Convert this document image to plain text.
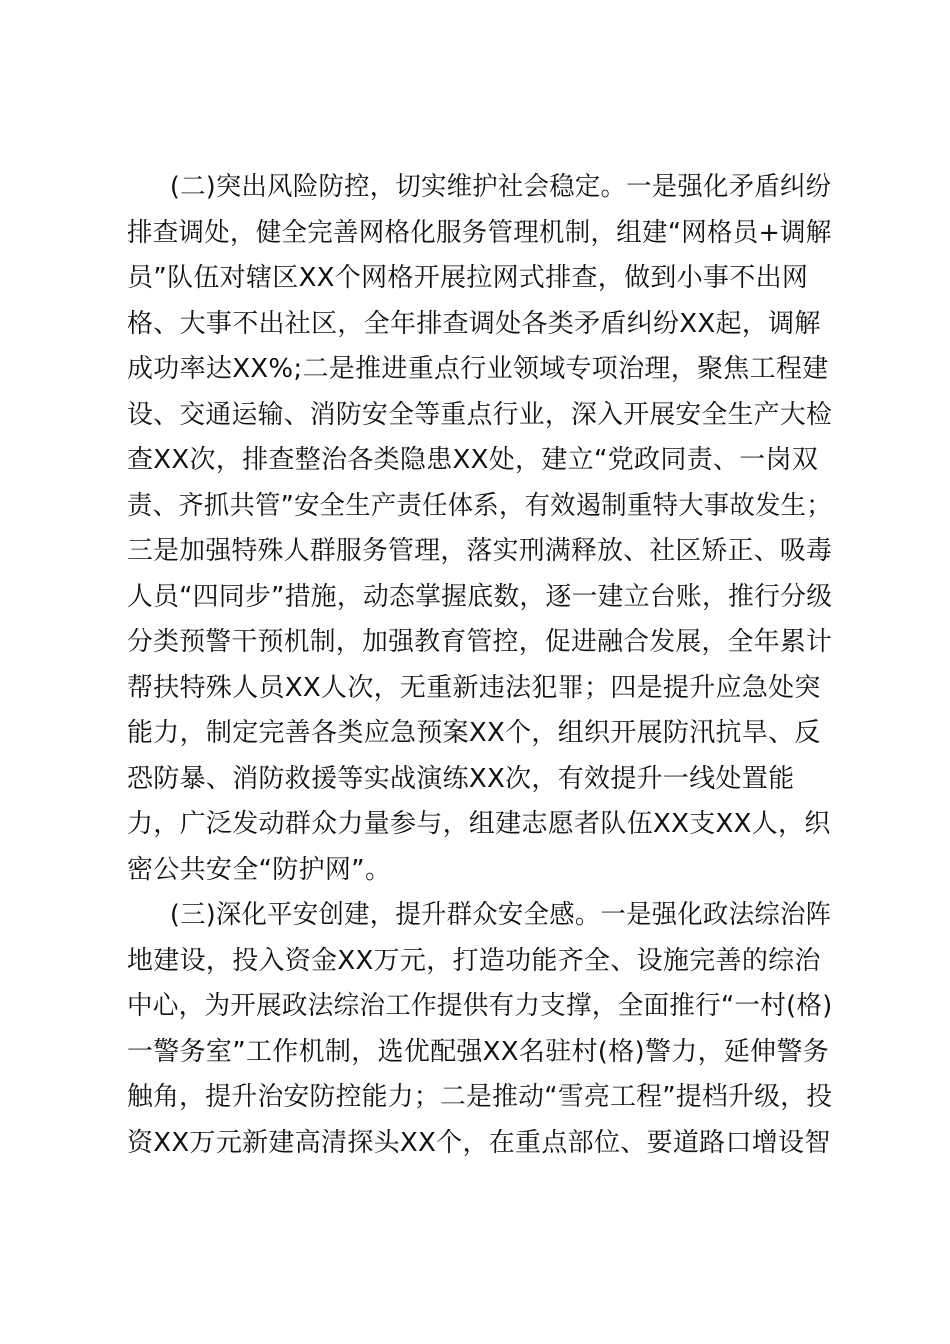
(二)突出风险防控，切实维护社会稳定。一是强化矛盾纠纷
排查调处，健全完善网格化服务管理机制，组建“网格员+调解
员”队伍对辖区XX个网格开展拉网式排查，做到小事不出网
格、大事不出社区，全年排查调处各类矛盾纠纷XX起，调解
成功率达XX%;二是推进重点行业领域专项治理，聚焦工程建
设、交通运输、消防安全等重点行业，深入开展安全生产大检
查XX次，排查整治各类隐患XX处，建立“党政同责、一岗双
责、齐抓共管”安全生产责任体系，有效遏制重特大事故发生；
三是加强特殊人群服务管理，落实刑满释放、社区矫正、吸毒
人员“四同步”措施，动态掌握底数，逐一建立台账，推行分级
分类预警干预机制，加强教育管控，促进融合发展，全年累计
帮扶特殊人员XX人次，无重新违法犯罪；四是提升应急处突
能力，制定完善各类应急预案XX个，组织开展防汛抗旱、反
恐防暴、消防救援等实战演练XX次，有效提升一线处置能
力，广泛发动群众力量参与，组建志愿者队伍XX支XX人，织
密公共安全“防护网”。
(三)深化平安创建，提升群众安全感。一是强化政法综治阵
地建设，投入资金XX万元，打造功能齐全、设施完善的综治
中心，为开展政法综治工作提供有力支撑，全面推行“一村(格)
一警务室”工作机制，选优配强XX名驻村(格)警力，延伸警务
触角，提升治安防控能力；二是推动“雪亮工程”提档升级，投
资XX万元新建高清探头XX个，在重点部位、要道路口增设智
